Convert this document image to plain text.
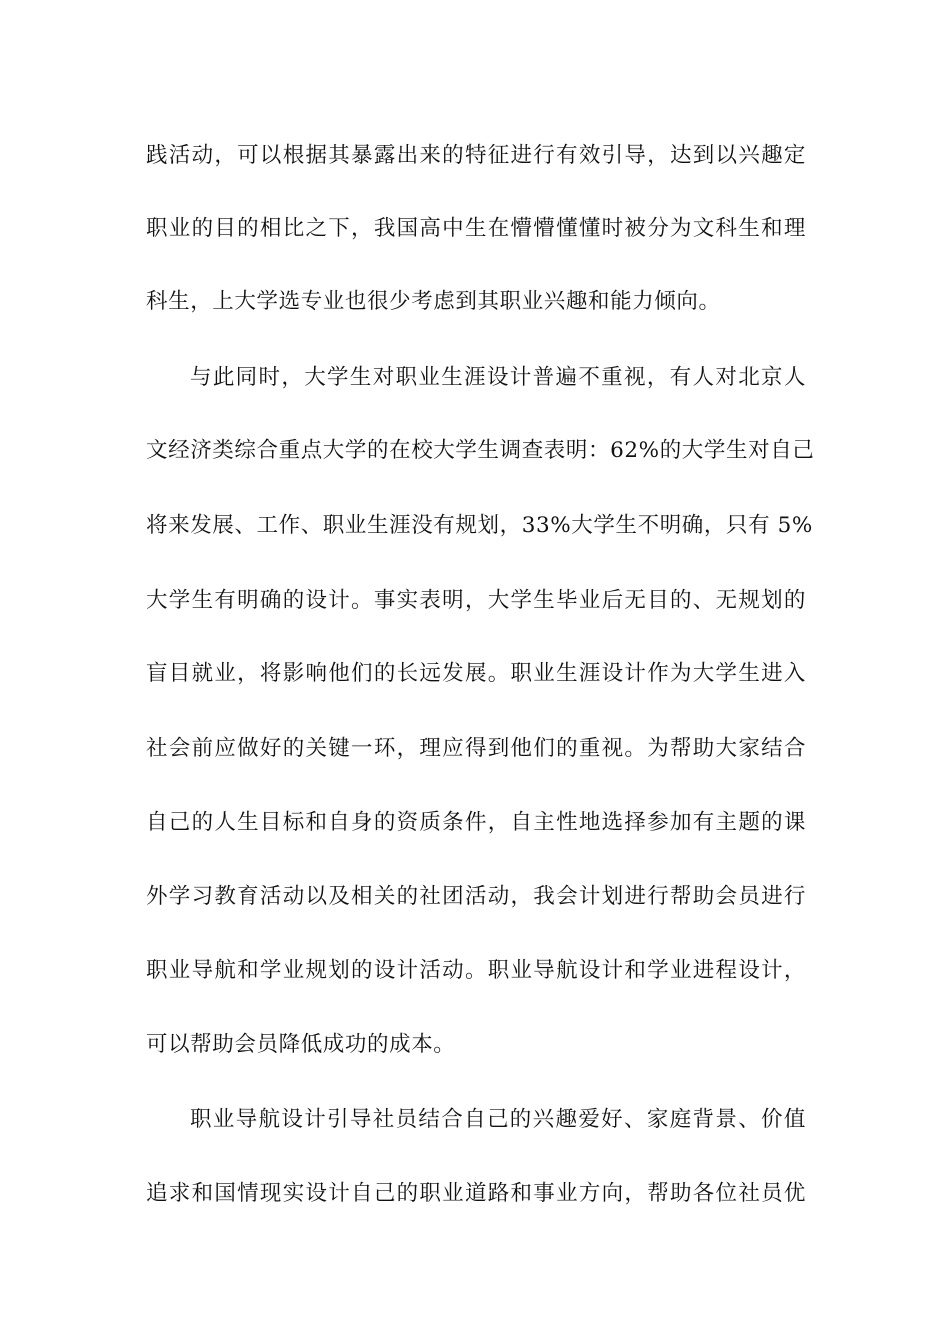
践活动，可以根据其暴露出来的特征进行有效引导，达到以兴趣定
职业的目的相比之下，我国高中生在懵懵懂懂时被分为文科生和理
科生，上大学选专业也很少考虑到其职业兴趣和能力倾向。
与此同时，大学生对职业生涯设计普遍不重视，有人对北京人
文经济类综合重点大学的在校大学生调查表明：62%的大学生对自己
将来发展、工作、职业生涯没有规划，33%大学生不明确，只有 5%
大学生有明确的设计。事实表明，大学生毕业后无目的、无规划的
盲目就业，将影响他们的长远发展。职业生涯设计作为大学生进入
社会前应做好的关键一环，理应得到他们的重视。为帮助大家结合
自己的人生目标和自身的资质条件，自主性地选择参加有主题的课
外学习教育活动以及相关的社团活动，我会计划进行帮助会员进行
职业导航和学业规划的设计活动。职业导航设计和学业进程设计，
可以帮助会员降低成功的成本。
职业导航设计引导社员结合自己的兴趣爱好、家庭背景、价值
追求和国情现实设计自己的职业道路和事业方向，帮助各位社员优
